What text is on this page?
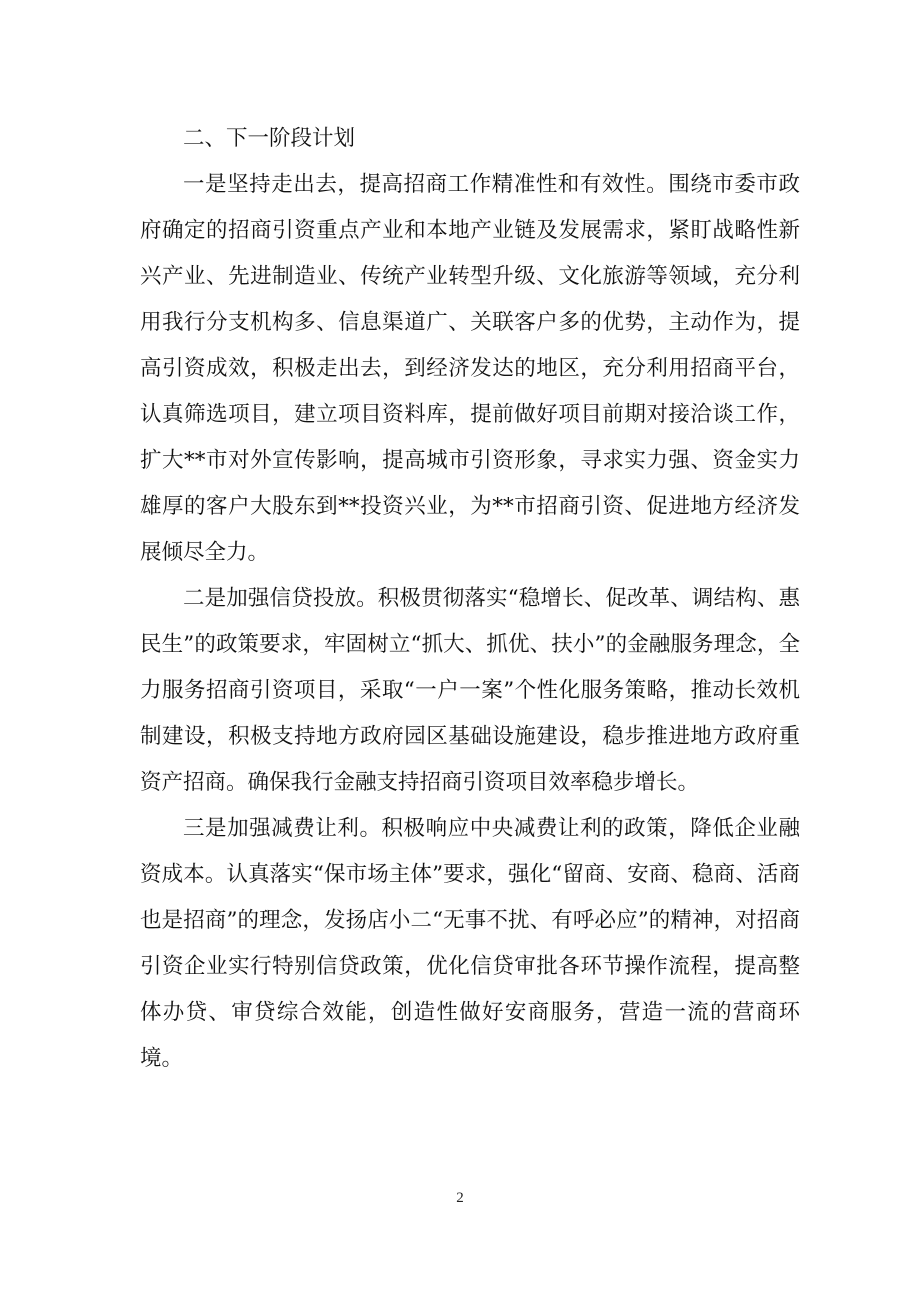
二、下一阶段计划

一是坚持走出去，提高招商工作精准性和有效性。围绕市委市政府确定的招商引资重点产业和本地产业链及发展需求，紧盯战略性新兴产业、先进制造业、传统产业转型升级、文化旅游等领域，充分利用我行分支机构多、信息渠道广、关联客户多的优势，主动作为，提高引资成效，积极走出去，到经济发达的地区，充分利用招商平台，认真筛选项目，建立项目资料库，提前做好项目前期对接洽谈工作，扩大**市对外宣传影响，提高城市引资形象，寻求实力强、资金实力雄厚的客户大股东到**投资兴业，为**市招商引资、促进地方经济发展倾尽全力。

二是加强信贷投放。积极贯彻落实“稳增长、促改革、调结构、惠民生”的政策要求，牢固树立“抓大、抓优、扶小”的金融服务理念，全力服务招商引资项目，采取“一户一案”个性化服务策略，推动长效机制建设，积极支持地方政府园区基础设施建设，稳步推进地方政府重资产招商。确保我行金融支持招商引资项目效率稳步增长。

三是加强减费让利。积极响应中央减费让利的政策，降低企业融资成本。认真落实“保市场主体”要求，强化“留商、安商、稳商、活商也是招商”的理念，发扬店小二“无事不扰、有呼必应”的精神，对招商引资企业实行特别信贷政策，优化信贷审批各环节操作流程，提高整体办贷、审贷综合效能，创造性做好安商服务，营造一流的营商环境。

2
